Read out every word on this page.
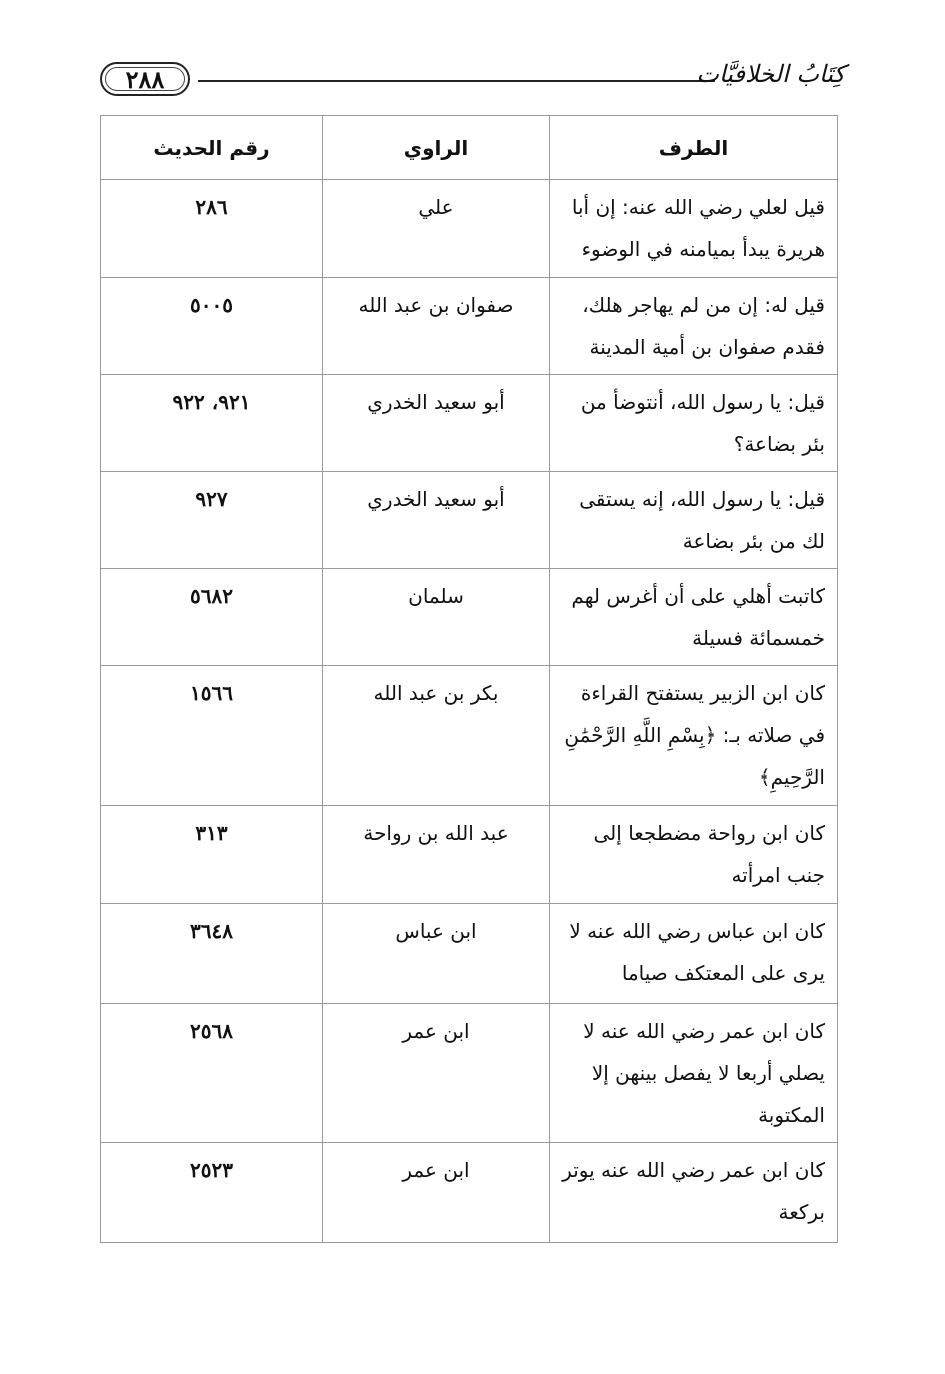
٢٨٨	كِتَابُ الخلافيَّات
الطرف	الراوي	رقم الحديث
قيل لعلي رضي الله عنه: إن أبا هريرة يبدأ بميامنه في الوضوء	علي	٢٨٦
قيل له: إن من لم يهاجر هلك، فقدم صفوان بن أمية المدينة	صفوان بن عبد الله	٥٠٠٥
قيل: يا رسول الله، أنتوضأ من بئر بضاعة؟	أبو سعيد الخدري	٩٢١، ٩٢٢
قيل: يا رسول الله، إنه يستقى لك من بئر بضاعة	أبو سعيد الخدري	٩٢٧
كاتبت أهلي على أن أغرس لهم خمسمائة فسيلة	سلمان	٥٦٨٢
كان ابن الزبير يستفتح القراءة في صلاته بـ: ﴿بِسْمِ اللَّهِ الرَّحْمَٰنِ الرَّحِيمِ﴾	بكر بن عبد الله	١٥٦٦
كان ابن رواحة مضطجعا إلى جنب امرأته	عبد الله بن رواحة	٣١٣
كان ابن عباس رضي الله عنه لا يرى على المعتكف صياما	ابن عباس	٣٦٤٨
كان ابن عمر رضي الله عنه لا يصلي أربعا لا يفصل بينهن إلا المكتوبة	ابن عمر	٢٥٦٨
كان ابن عمر رضي الله عنه يوتر بركعة	ابن عمر	٢٥٢٣
